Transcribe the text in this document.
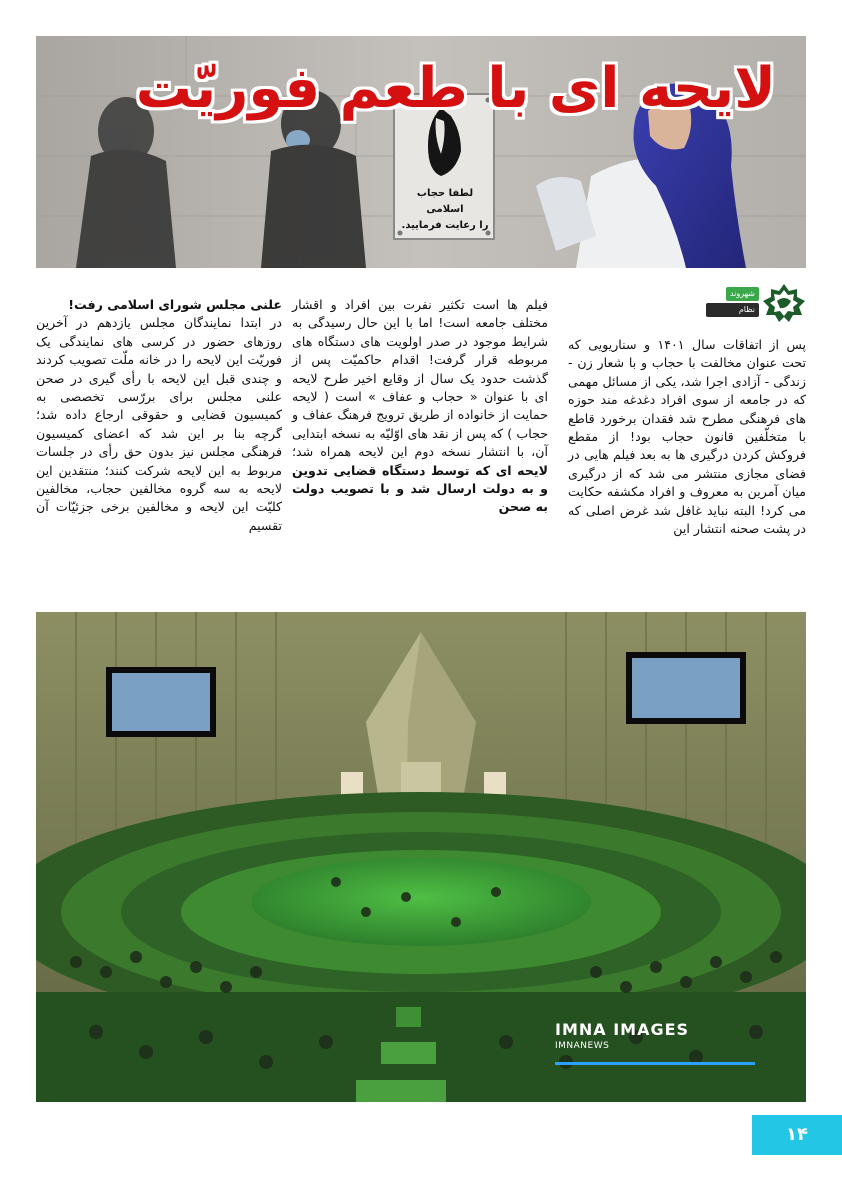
لایحه ای با طعم فوریّت
لطفا حجاب اسلامی
را رعایت فرمایید.
شهروند
نظام اطلاعات ۹۸

پس از اتفاقات سال ۱۴۰۱ و سناریویی که تحت عنوان مخالفت با حجاب و با شعار زن - زندگی - آزادی اجرا شد، یکی از مسائل مهمی که در جامعه از سوی افراد دغدغه مند حوزه های فرهنگی مطرح شد فقدان برخورد قاطع با متخلّفین قانون حجاب بود! از مقطع فروکش کردن درگیری ها به بعد فیلم هایی در فضای مجازی منتشر می شد که از درگیری میان آمرین به معروف و افراد مکشفه حکایت می کرد! البته نباید غافل شد غرض اصلی که در پشت صحنه انتشار این

فیلم ها است تکثیر نفرت بین افراد و اقشار مختلف جامعه است! اما با این حال رسیدگی به شرایط موجود در صدر اولویت های دستگاه های مربوطه قرار گرفت! اقدام حاکمیّت پس از گذشت حدود یک سال از وقایع اخیر طرح لایحه ای با عنوان « حجاب و عفاف » است ( لایحه حمایت از خانواده از طریق ترویج فرهنگ عفاف و حجاب ) که پس از نقد های اوّلیّه به نسخه ابتدایی آن، با انتشار نسخه دوم این لایحه همراه شد؛ لایحه ای که توسط دستگاه قضایی تدوین و به دولت ارسال شد و با تصویب دولت به صحن

علنی مجلس شورای اسلامی رفت!

در ابتدا نمایندگان مجلس یازدهم در آخرین روزهای حضور در کرسی های نمایندگی یک فوریّت این لایحه را در خانه ملّت تصویب کردند و چندی قبل این لایحه با رأی گیری در صحن علنی مجلس برای بررّسی تخصصی به کمیسیون قضایی و حقوقی ارجاع داده شد؛ گرچه بنا بر این شد که اعضای کمیسیون فرهنگی مجلس نیز بدون حق رأی در جلسات مربوط به این لایحه شرکت کنند؛ منتقدین این لایحه به سه گروه مخالفین حجاب، مخالفین کلیّت این لایحه و مخالفین برخی جزئیّات آن تقسیم

IMNA IMAGES
IMNANEWS
۱۴
